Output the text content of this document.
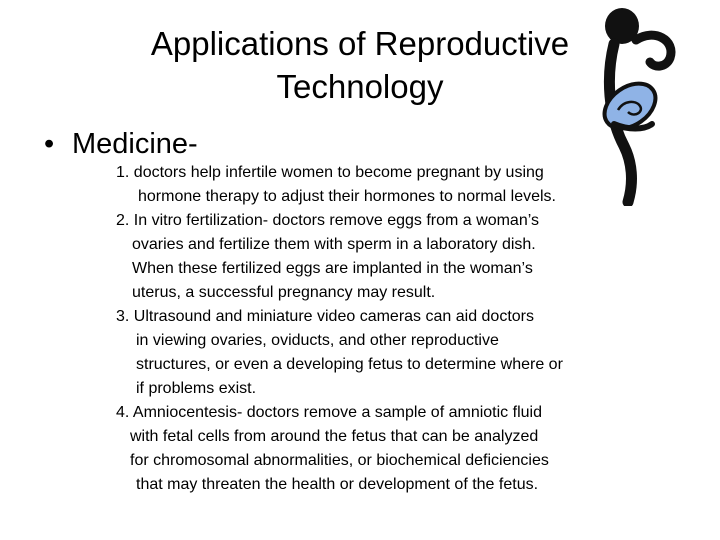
Applications of Reproductive
Technology
• Medicine-
1. doctors help infertile women to become pregnant by using
hormone therapy to adjust their hormones to normal levels.
2. In vitro fertilization- doctors remove eggs from a woman’s
ovaries and fertilize them with sperm in a laboratory dish.
When these fertilized eggs are implanted in the woman’s
uterus, a successful pregnancy may result.
3. Ultrasound and miniature video cameras can aid doctors
in viewing ovaries, oviducts, and other reproductive
structures, or even a developing fetus to determine where or
if problems exist.
4. Amniocentesis- doctors remove a sample of amniotic fluid
with fetal cells from around the fetus that can be analyzed
for chromosomal abnormalities, or biochemical deficiencies
that may threaten the health or development of the fetus.
